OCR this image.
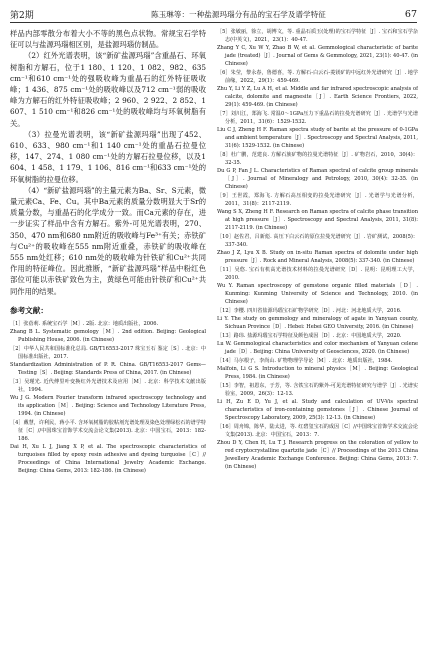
第2期	陈玉琳等：一种盐源玛瑙分有品的宝石学及谱学特征	67

样品内部零散分布着大小不等的黑色点状物。常规宝石学特征可以与盐源玛瑙相区别，是盐源玛瑙仿制品。

（2）红外光谱表明，该“新矿盐源玛瑙”含重晶石、环氧树脂和方解石，位于1 180、1 120、1 082、982、635 cm⁻¹和610 cm⁻¹处的强吸收峰为重晶石的红外特征吸收峰；1 436、875 cm⁻¹处的吸收峰以及712 cm⁻¹弱的吸收峰为方解石的红外特征吸收峰；2 960、2 922、2 852、1 607、1 510 cm⁻¹和826 cm⁻¹处的吸收峰均与环氧树脂有关。

（3）拉曼光谱表明，该“新矿盐源玛瑙”出现了452、610、633、980 cm⁻¹和1 140 cm⁻¹处的重晶石拉曼位移，147、274、1 080 cm⁻¹处的方解石拉曼位移，以及1 604、1 458、1 179、1 106、816 cm⁻¹和633 cm⁻¹处的环氧树脂的拉曼位移。

（4）“新矿盐源玛瑙”的主量元素为Ba、Sr、S元素，微量元素Ca、Fe、Cu。其中Ba元素的质量分数明显大于Sr的质量分数，与重晶石的化学成分一致。而Ca元素的存在，进一步证实了样品中含有方解石。紫外-可见光谱表明，270、350、470 nm和680 nm附近的吸收峰与Fe³⁺有关；赤铁矿与Cu²⁺的吸收峰在555 nm附近重叠，赤铁矿的吸收峰在555 nm处红移；610 nm处的吸收峰为针铁矿和Cu²⁺共同作用的特征峰位。因此推断，“新矿盐源玛瑙”样品中粉红色部位可能以赤铁矿致色为主，黄绿色可能由针铁矿和Cu²⁺共同作用的结果。

参考文献：
［1］张蓓莉. 系统宝石学［M］. 2版. 北京：地质出版社，2006.
Zhang B L. Systematic gemology［M］. 2nd edition. Beijing: Geological Publishing House, 2006. (in Chinese)
［2］中华人民共和国标准化总局. GB/T16553-2017 珠宝玉石 鉴定［S］. 北京：中国标准出版社，2017.
Standardization Administration of P. R. China. GB/T16553-2017 Gems—Testing［S］. Beijing: Standards Press of China, 2017. (in Chinese)
［3］吴瑾光. 近代傅里叶变换红外光谱技术及应用［M］. 北京：科学技术文献出版社，1994.
Wu J G. Modern Fourier transform infrared spectroscopy technology and its application［M］. Beijing: Science and Technology Literature Press, 1994. (in Chinese)
［4］戴慧，许利民，蒋小平. 含环氧树脂的胶粘剂光谱处理及染色处理绿松石的谱学特征［C］//中国珠宝首饰学术交流会论文集(2013). 北京：中国宝石，2013：182-186.
Dai H, Xu L J, Jiang X P, et al. The spectroscopic characteristics of turquoises filled by epoxy resin adhesive and dyeing turquoise［C］// Proceedings of China International Jewelry Academic Exchange. Beijing: China Gems, 2013: 182-186. (in Chinese)
［5］张敏丽，徐立，胡博文，等. 重晶石质玉(处理)的宝石学特征［J］. 宝石和宝石学杂志(中英文)，2021，23(1)：40-47.
Zhang Y C, Xu W Y, Zhao B W, et al. Gemmological characteristic of barite jade (treated)［J］. Journal of Gems & Gemmology, 2021, 23(1): 40-47. (in Chinese)
［6］朱莹，黎永春，鲁德喜，等. 方解石-白云石-菱镁矿的中远红外光谱研究［J］. 地学前缘，2022，29(1)：459-469.
Zhu Y, Li Y Z, Lu A H, et al. Middle and far infrared spectroscopic analysis of calcite, dolomite and magnesite［J］. Earth Science Frontiers, 2022, 29(1): 459-469. (in Chinese)
［7］刘川江，郑海飞. 常温0～1GPa压力下重晶石的拉曼光谱研究［J］. 光谱学与光谱分析，2011，31(6)：1529-1532.
Liu C J, Zheng H F. Raman spectra study of barite at the pressure of 0-1GPa and ambient temperature［J］. Spectroscopy and Spectral Analysis, 2011, 31(6): 1529-1532. (in Chinese)
［8］杜广鹏，范建良. 方解石族矿物的拉曼光谱特征［J］. 矿物岩石，2010，30(4)：32-35.
Du G P, Fan J L. Characteristics of Raman spectral of calcite group minerals［J］. Journal of Mineralogy and Petrology, 2010, 30(4): 32-35. (in Chinese)
［9］王世霞，郑海飞. 方解石高压相变的拉曼光谱研究［J］. 光谱学与光谱分析，2011，31(8)：2117-2119.
Wang S X, Zheng H F. Research on Raman spectra of calcite phase transition at high pressure［J］. Spectroscopy and Spectral Analysis, 2011, 31(8): 2117-2119. (in Chinese)
［10］赵佐君，吕新彪. 高压下白云石的原位拉曼光谱研究［J］. 岩矿测试，2008(5)：337-340.
Zhao J Z, Lyu X B. Study on in-situ Raman spectra of dolomite under high pressure［J］. Rock and Mineral Analysis, 2008(5): 337-340. (in Chinese)
［11］吴悠. 宝石有机高光谱技术材料的拉曼光谱研究［D］. 昆明：昆明理工大学，2010.
Wu Y. Raman spectroscopy of gemstone organic filled materials［D］. Kunming: Kunming University of Science and Technology, 2010. (in Chinese)
［12］李樱. 四川省盐源玛瑙宝石矿物学研究［D］. 河北：河北地质大学，2016.
Li Y. The study on gemmology and mineralogy of agate in Yanyuan county, Sichuan Province［D］. Hebei: Hebei GEO University, 2016. (in Chinese)
［13］路玮. 盐源玛瑙宝石学特征及颜色成因［D］. 北京：中国地质大学，2020.
Lu W. Gemmological characteristics and color mechanism of Yanyuan celene jade［D］. Beijing: China University of Geosciences, 2020. (in Chinese)
［14］马尔根子，李尚山. 矿物物理学导论［M］. 北京：地质出版社，1984.
Malfoin, Li G S. Introduction to mineral physics［M］. Beijing: Geological Press, 1984. (in Chinese)
［15］李智，祖恩东，于芳，等. 含铁宝石的紫外-可见光谱特征研究与谱学［J］. 光谱实验室，2009，26(3)：12-13.
Li H, Zu E D, Yu J, et al. Study and calculation of UV-Vis spectral characteristics of iron-containing gemstones［J］. Chinese Journal of Spectroscopy Laboratory, 2009, 25(3): 12-13. (in Chinese)
［16］周舟锦，陈华，陆太进，等. 红碧玺宝石的成因［C］//中国珠宝首饰学术交流会论文集(2013). 北京：中国宝石，2013：7.
Zhou D Y, Chen H, Lu T J. Research progress on the coloration of yellow to red cryptocrystalline quartzite jade［C］// Proceedings of the 2013 China Jewellery Academic Exchange Conference. Beijing: China Gems, 2013: 7. (in Chinese)
